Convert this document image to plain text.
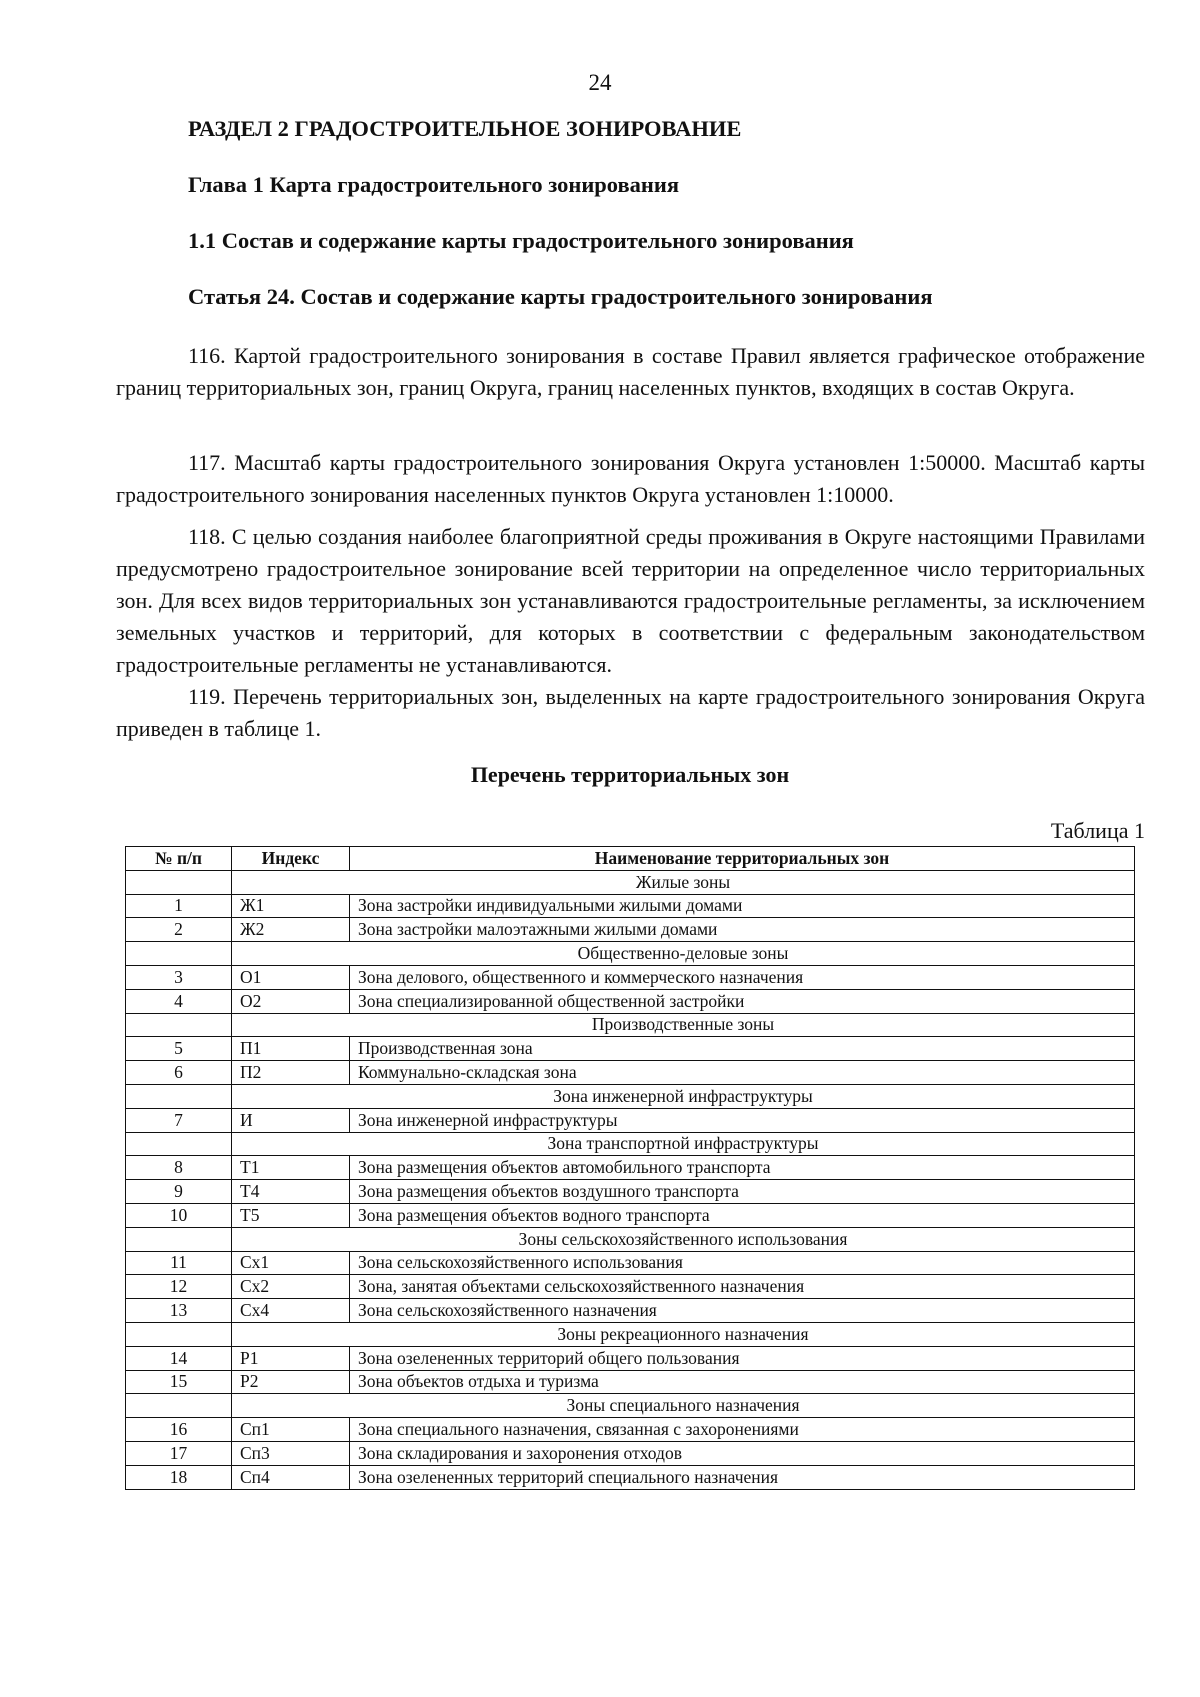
24
РАЗДЕЛ 2 ГРАДОСТРОИТЕЛЬНОЕ ЗОНИРОВАНИЕ
Глава 1 Карта градостроительного зонирования
1.1 Состав и содержание карты градостроительного зонирования
Статья 24. Состав и содержание карты градостроительного зонирования
116. Картой градостроительного зонирования в составе Правил является графическое отображение границ территориальных зон, границ Округа, границ населенных пунктов, входящих в состав Округа.
117. Масштаб карты градостроительного зонирования Округа установлен 1:50000. Масштаб карты градостроительного зонирования населенных пунктов Округа установлен 1:10000.
118. С целью создания наиболее благоприятной среды проживания в Округе настоящими Правилами предусмотрено градостроительное зонирование всей территории на определенное число территориальных зон. Для всех видов территориальных зон устанавливаются градостроительные регламенты, за исключением земельных участков и территорий, для которых в соответствии с федеральным законодательством градостроительные регламенты не устанавливаются.
119. Перечень территориальных зон, выделенных на карте градостроительного зонирования Округа приведен в таблице 1.
Перечень территориальных зон
Таблица 1
№ п/п	Индекс	Наименование территориальных зон
	Жилые зоны	
1	Ж1	Зона застройки индивидуальными жилыми домами
2	Ж2	Зона застройки малоэтажными жилыми домами
	Общественно-деловые зоны	
3	О1	Зона делового, общественного и коммерческого назначения
4	О2	Зона специализированной общественной застройки
	Производственные зоны	
5	П1	Производственная зона
6	П2	Коммунально-складская зона
	Зона инженерной инфраструктуры	
7	И	Зона инженерной инфраструктуры
	Зона транспортной инфраструктуры	
8	Т1	Зона размещения объектов автомобильного транспорта
9	Т4	Зона размещения объектов воздушного транспорта
10	Т5	Зона размещения объектов водного транспорта
	Зоны сельскохозяйственного использования	
11	Сх1	Зона сельскохозяйственного использования
12	Сх2	Зона, занятая объектами сельскохозяйственного назначения
13	Сх4	Зона сельскохозяйственного назначения
	Зоны рекреационного назначения	
14	Р1	Зона озелененных территорий общего пользования
15	Р2	Зона объектов отдыха и туризма
	Зоны специального назначения	
16	Сп1	Зона специального назначения, связанная с захоронениями
17	Сп3	Зона складирования и захоронения отходов
18	Сп4	Зона озелененных территорий специального назначения
